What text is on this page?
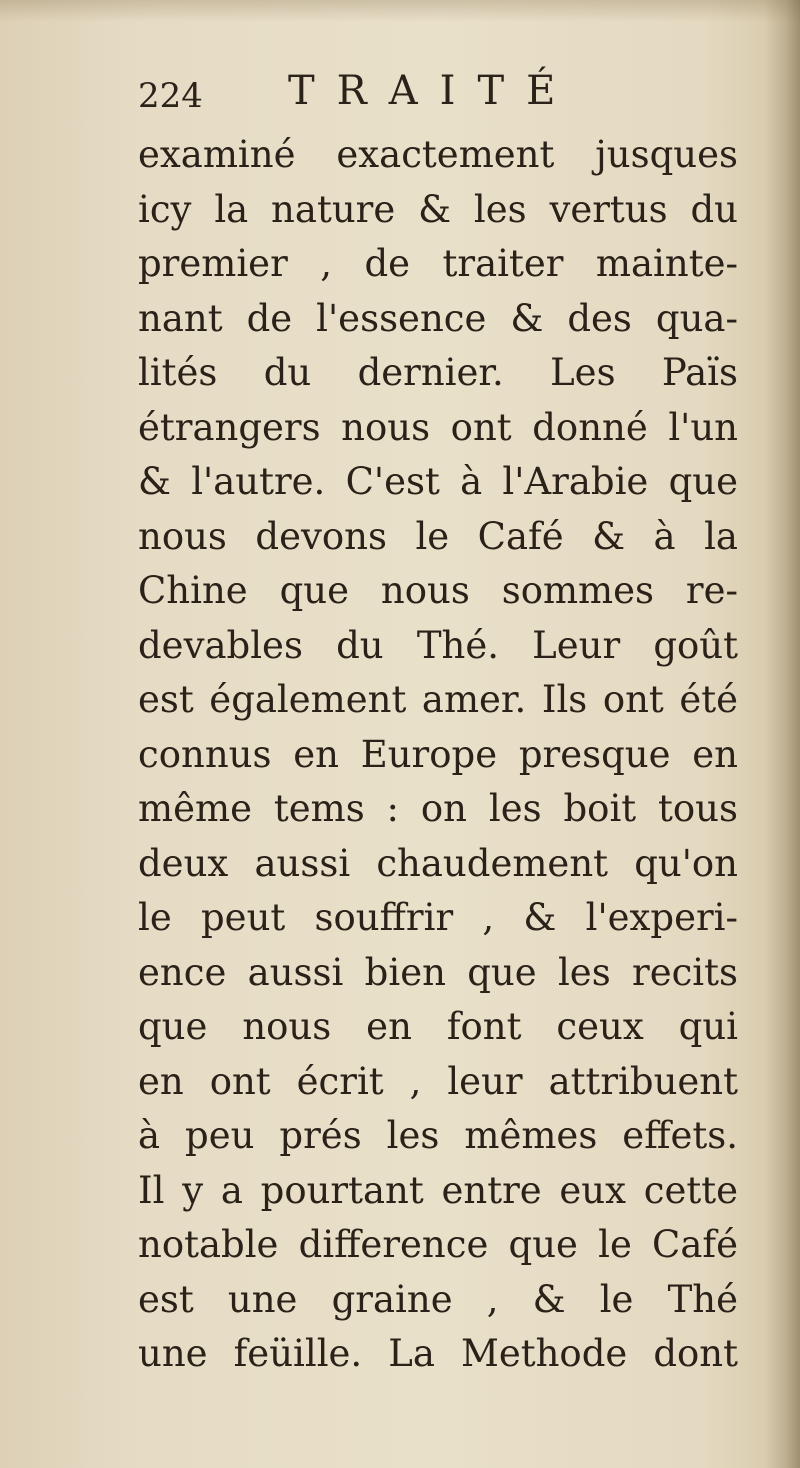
224 TRAITÉ
examiné exactement jusques
icy la nature & les vertus du
premier , de traiter mainte-
nant de l'essence & des qua-
lités du dernier. Les Païs
étrangers nous ont donné l'un
& l'autre. C'est à l'Arabie que
nous devons le Café & à la
Chine que nous sommes re-
devables du Thé. Leur goût
est également amer. Ils ont été
connus en Europe presque en
même tems : on les boit tous
deux aussi chaudement qu'on
le peut souffrir , & l'experi-
ence aussi bien que les recits
que nous en font ceux qui
en ont écrit , leur attribuent
à peu prés les mêmes effets.
Il y a pourtant entre eux cette
notable difference que le Café
est une graine , & le Thé
une feüille. La Methode dont
